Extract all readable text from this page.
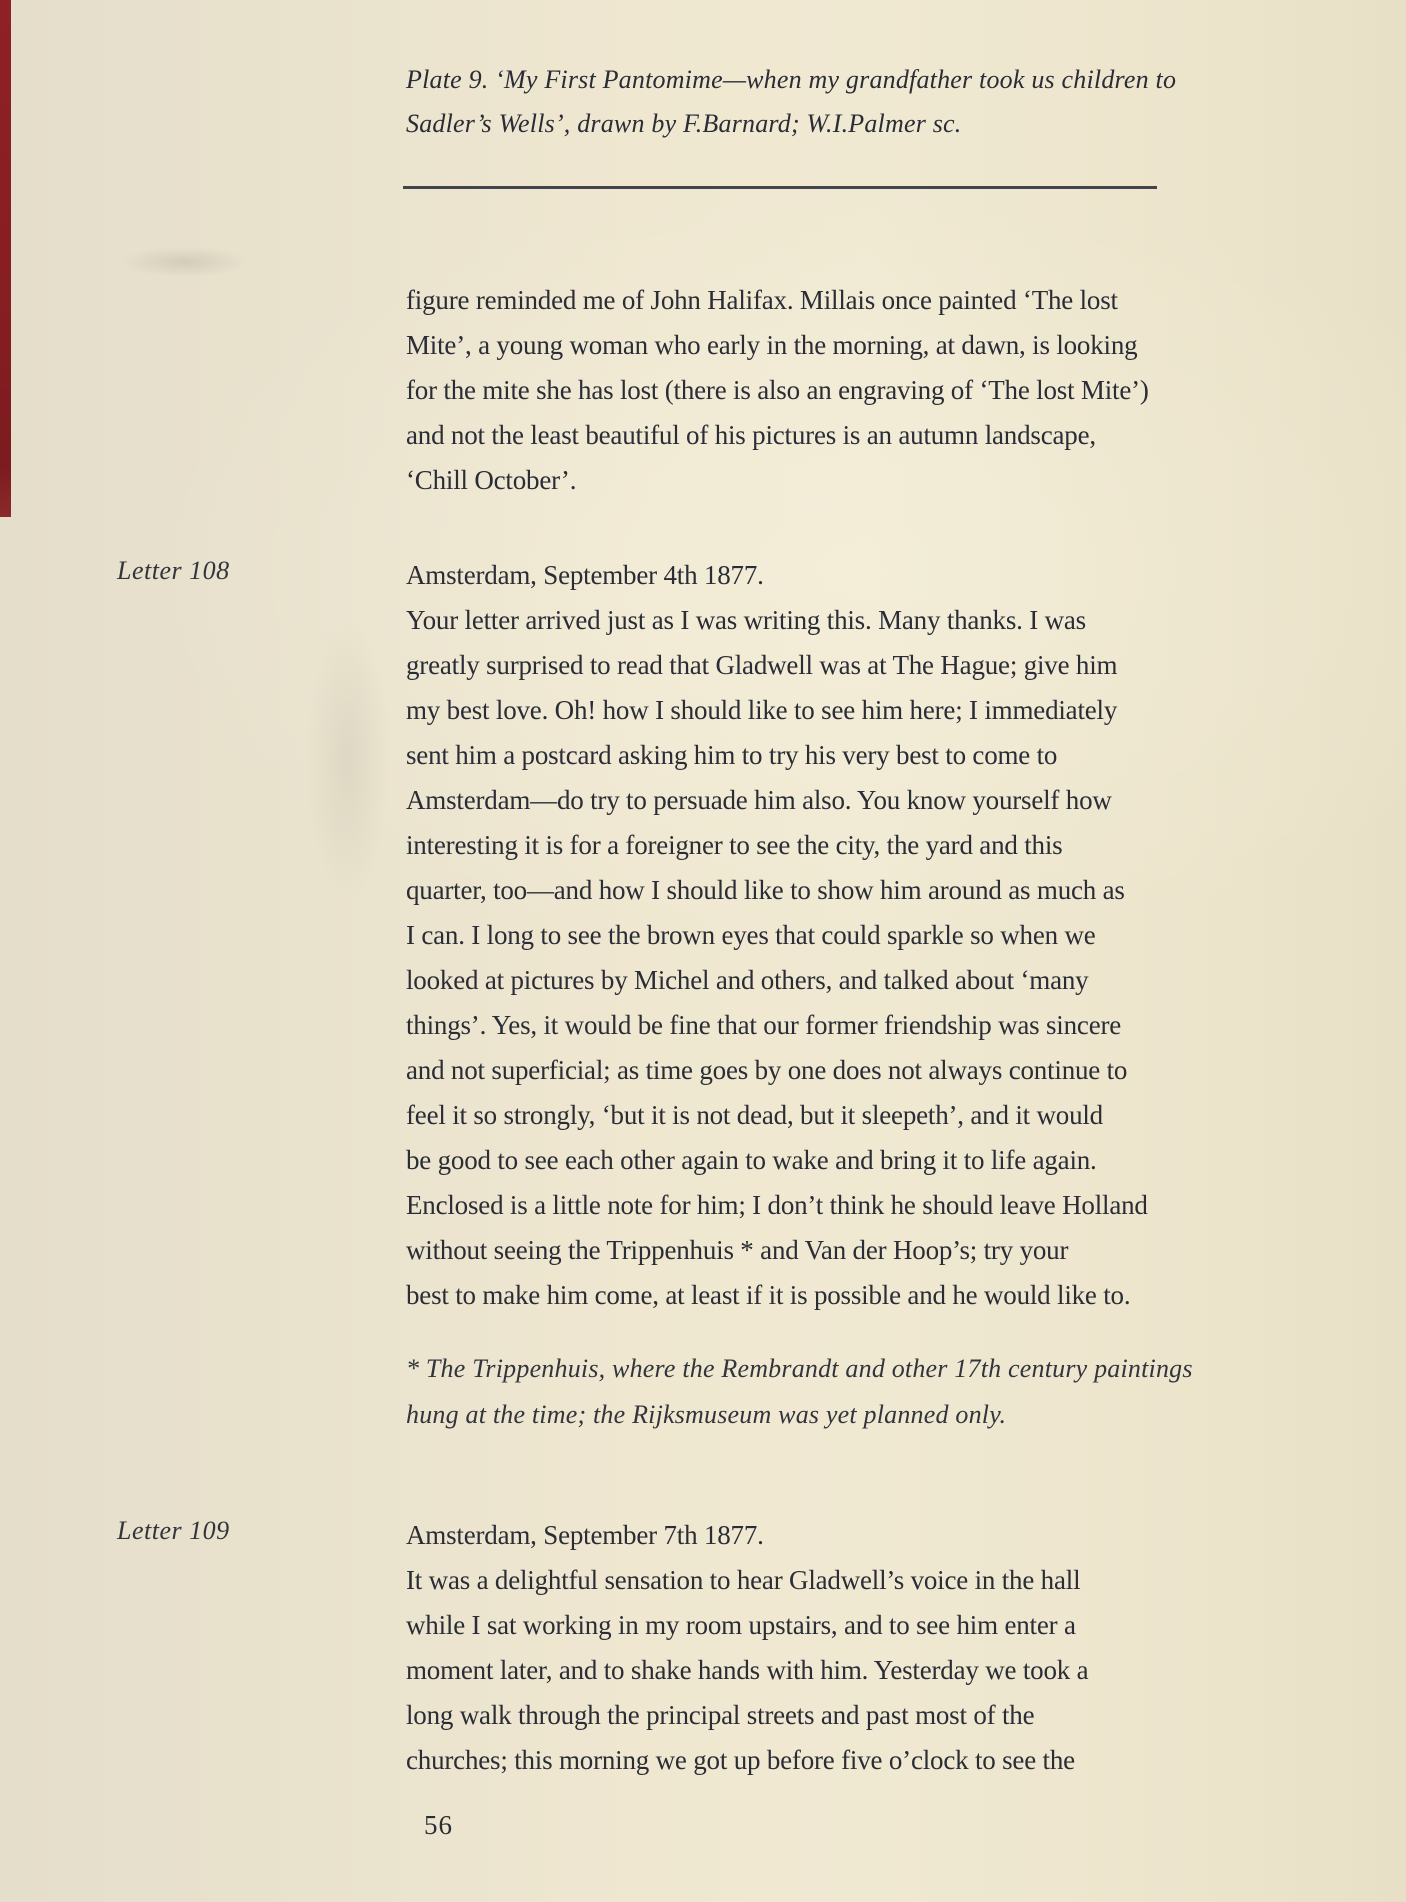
Plate 9. ‘My First Pantomime—when my grandfather took us children to
Sadler’s Wells’, drawn by F.Barnard; W.I.Palmer sc.
figure reminded me of John Halifax. Millais once painted ‘The lost
Mite’, a young woman who early in the morning, at dawn, is looking
for the mite she has lost (there is also an engraving of ‘The lost Mite’)
and not the least beautiful of his pictures is an autumn landscape,
‘Chill October’.
Letter 108	Amsterdam, September 4th 1877.
Your letter arrived just as I was writing this. Many thanks. I was
greatly surprised to read that Gladwell was at The Hague; give him
my best love. Oh! how I should like to see him here; I immediately
sent him a postcard asking him to try his very best to come to
Amsterdam—do try to persuade him also. You know yourself how
interesting it is for a foreigner to see the city, the yard and this
quarter, too—and how I should like to show him around as much as
I can. I long to see the brown eyes that could sparkle so when we
looked at pictures by Michel and others, and talked about ‘many
things’. Yes, it would be fine that our former friendship was sincere
and not superficial; as time goes by one does not always continue to
feel it so strongly, ‘but it is not dead, but it sleepeth’, and it would
be good to see each other again to wake and bring it to life again.
Enclosed is a little note for him; I don’t think he should leave Holland
without seeing the Trippenhuis * and Van der Hoop’s; try your
best to make him come, at least if it is possible and he would like to.
* The Trippenhuis, where the Rembrandt and other 17th century paintings
hung at the time; the Rijksmuseum was yet planned only.
Letter 109	Amsterdam, September 7th 1877.
It was a delightful sensation to hear Gladwell’s voice in the hall
while I sat working in my room upstairs, and to see him enter a
moment later, and to shake hands with him. Yesterday we took a
long walk through the principal streets and past most of the
churches; this morning we got up before five o’clock to see the
56
